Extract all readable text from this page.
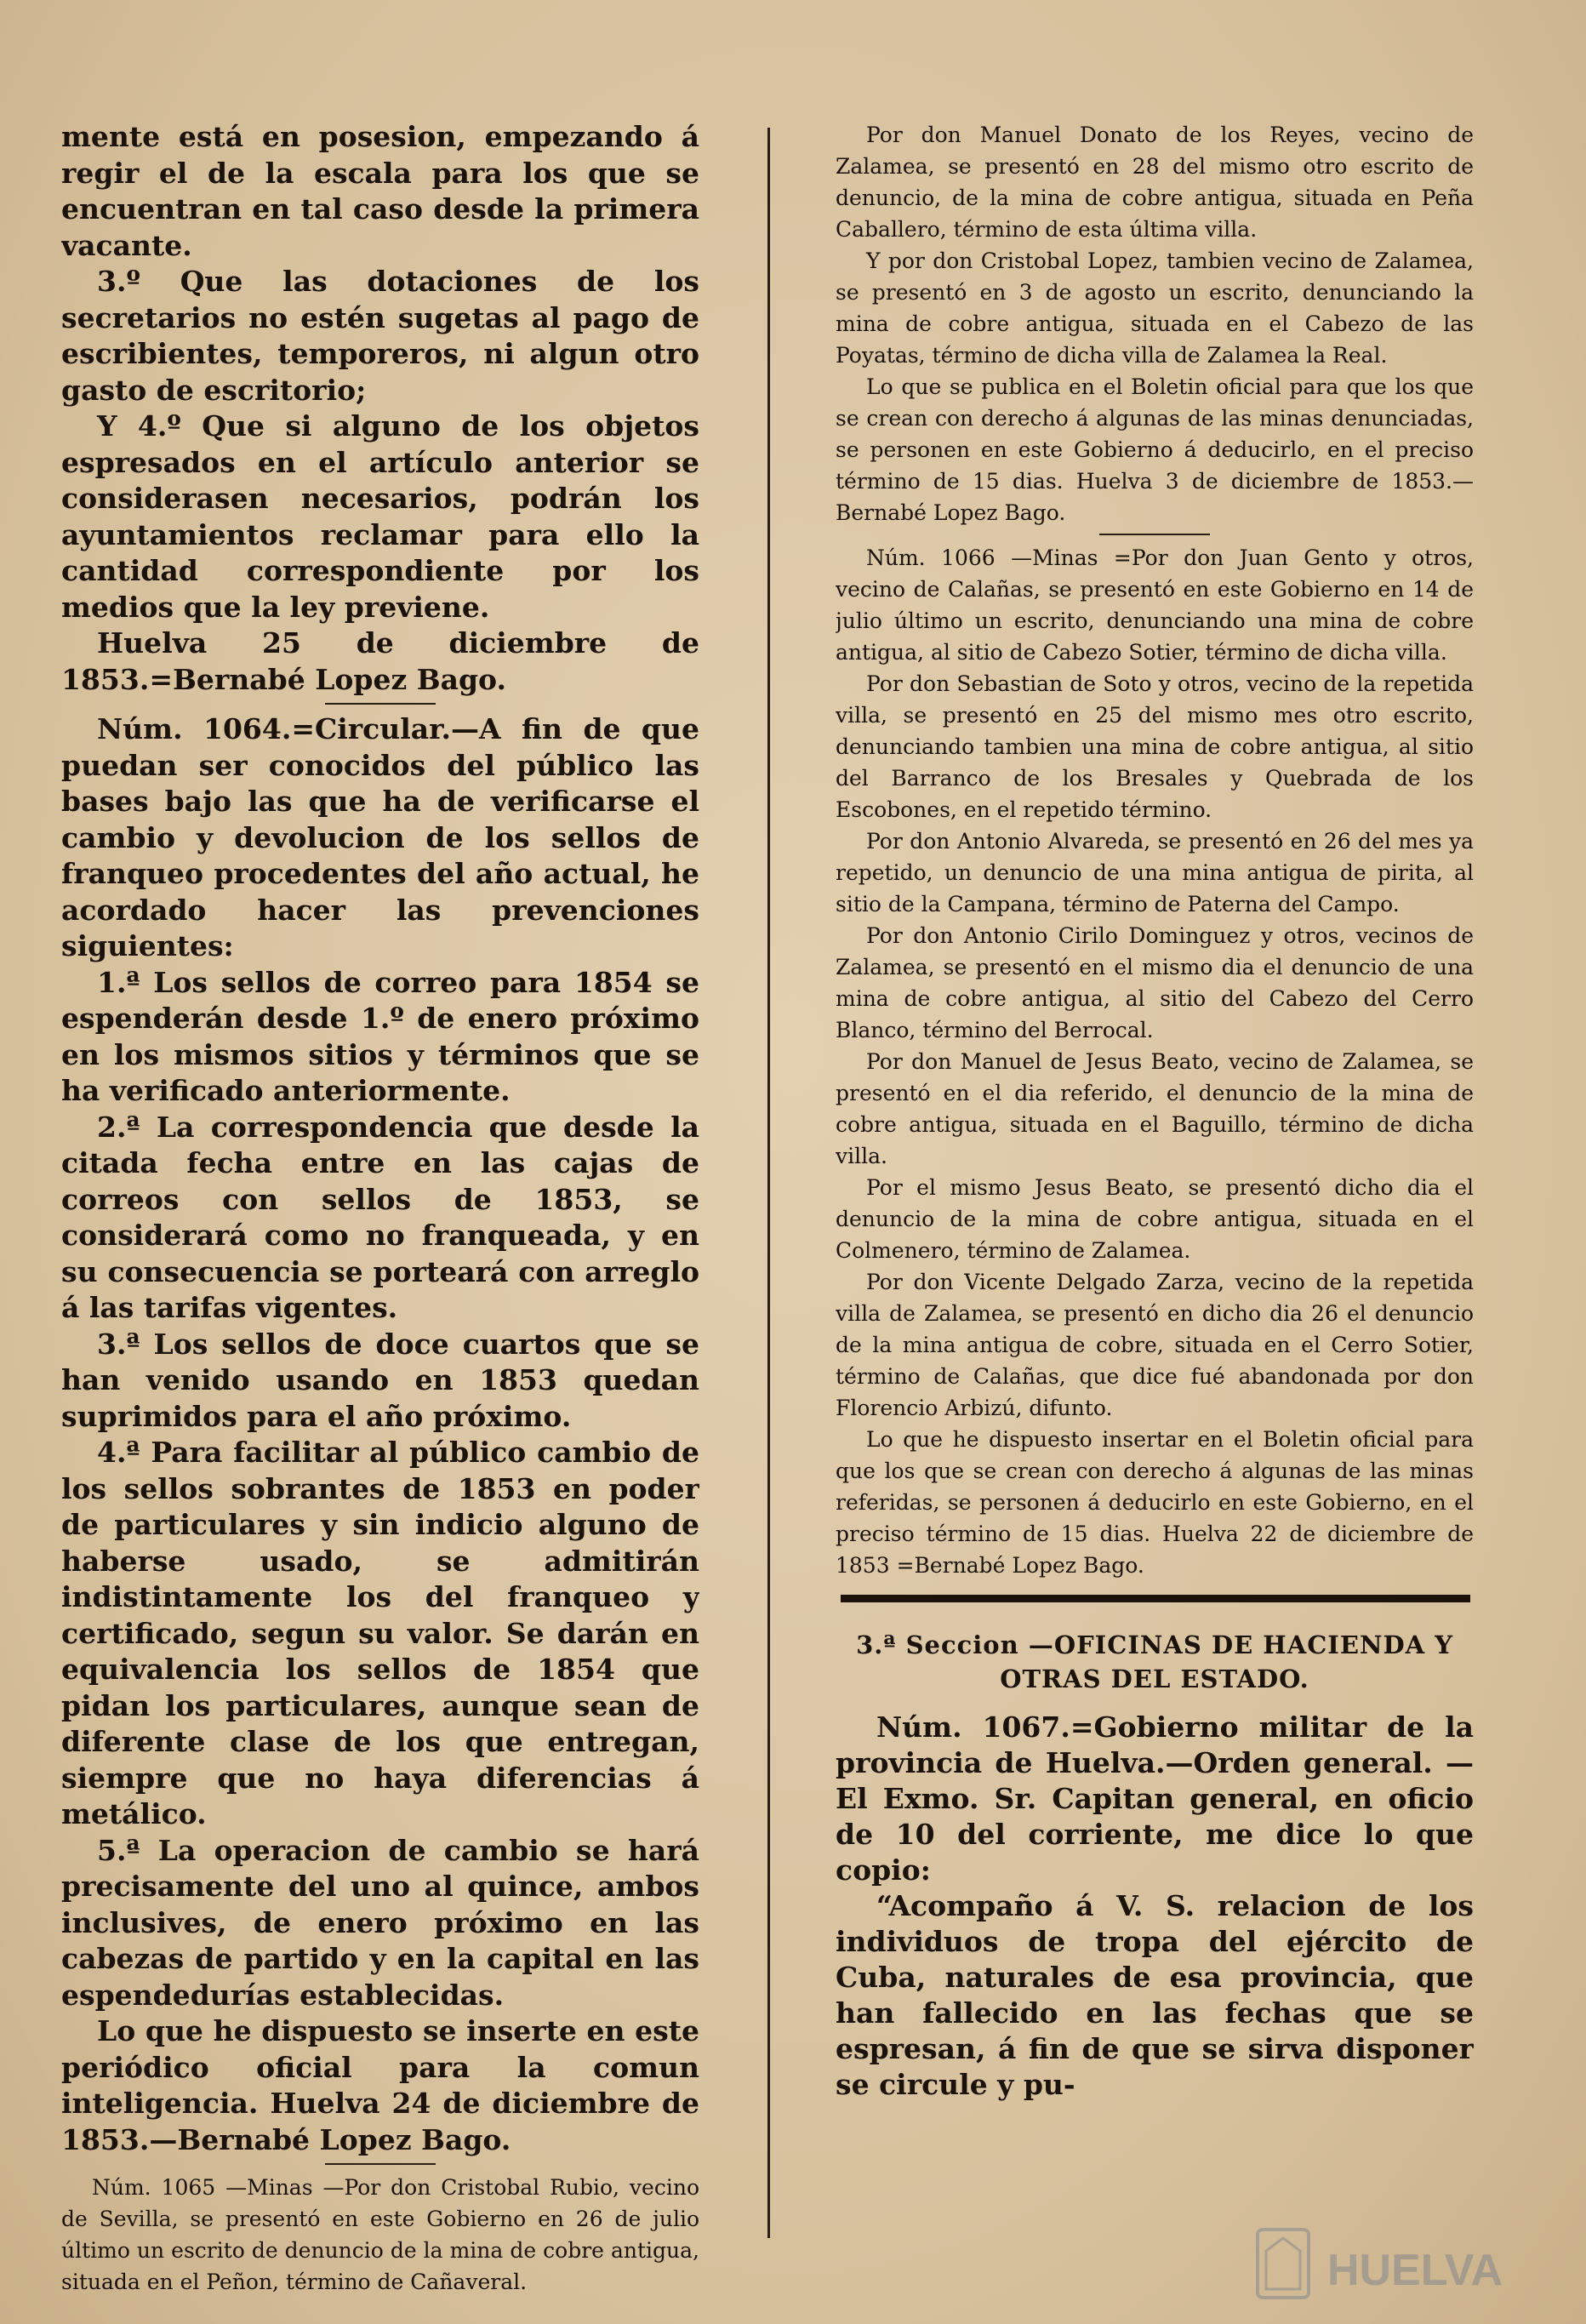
mente está en posesion, empezando á regir el de la escala para los que se encuentran en tal caso desde la primera vacante.

3.º Que las dotaciones de los secretarios no estén sugetas al pago de escribientes, temporeros, ni algun otro gasto de escritorio;

Y 4.º Que si alguno de los objetos espresados en el artículo anterior se considerasen necesarios, podrán los ayuntamientos reclamar para ello la cantidad correspondiente por los medios que la ley previene.

Huelva 25 de diciembre de 1853.=Bernabé Lopez Bago.

Núm. 1064.=Circular.—A fin de que puedan ser conocidos del público las bases bajo las que ha de verificarse el cambio y devolucion de los sellos de franqueo procedentes del año actual, he acordado hacer las prevenciones siguientes:

1.ª Los sellos de correo para 1854 se espenderán desde 1.º de enero próximo en los mismos sitios y términos que se ha verificado anteriormente.

2.ª La correspondencia que desde la citada fecha entre en las cajas de correos con sellos de 1853, se considerará como no franqueada, y en su consecuencia se porteará con arreglo á las tarifas vigentes.

3.ª Los sellos de doce cuartos que se han venido usando en 1853 quedan suprimidos para el año próximo.

4.ª Para facilitar al público cambio de los sellos sobrantes de 1853 en poder de particulares y sin indicio alguno de haberse usado, se admitirán indistintamente los del franqueo y certificado, segun su valor. Se darán en equivalencia los sellos de 1854 que pidan los particulares, aunque sean de diferente clase de los que entregan, siempre que no haya diferencias á metálico.

5.ª La operacion de cambio se hará precisamente del uno al quince, ambos inclusives, de enero próximo en las cabezas de partido y en la capital en las espendedurías establecidas.

Lo que he dispuesto se inserte en este periódico oficial para la comun inteligencia. Huelva 24 de diciembre de 1853.—Bernabé Lopez Bago.

Núm. 1065 —Minas —Por don Cristobal Rubio, vecino de Sevilla, se presentó en este Gobierno en 26 de julio último un escrito de denuncio de la mina de cobre antigua, situada en el Peñon, término de Cañaveral.

Por don Manuel Donato de los Reyes, vecino de Zalamea, se presentó en 28 del mismo otro escrito de denuncio, de la mina de cobre antigua, situada en Peña Caballero, término de esta última villa.

Y por don Cristobal Lopez, tambien vecino de Zalamea, se presentó en 3 de agosto un escrito, denunciando la mina de cobre antigua, situada en el Cabezo de las Poyatas, término de dicha villa de Zalamea la Real.

Lo que se publica en el Boletin oficial para que los que se crean con derecho á algunas de las minas denunciadas, se personen en este Gobierno á deducirlo, en el preciso término de 15 dias. Huelva 3 de diciembre de 1853.—Bernabé Lopez Bago.

Núm. 1066 —Minas =Por don Juan Gento y otros, vecino de Calañas, se presentó en este Gobierno en 14 de julio último un escrito, denunciando una mina de cobre antigua, al sitio de Cabezo Sotier, término de dicha villa.

Por don Sebastian de Soto y otros, vecino de la repetida villa, se presentó en 25 del mismo mes otro escrito, denunciando tambien una mina de cobre antigua, al sitio del Barranco de los Bresales y Quebrada de los Escobones, en el repetido término.

Por don Antonio Alvareda, se presentó en 26 del mes ya repetido, un denuncio de una mina antigua de pirita, al sitio de la Campana, término de Paterna del Campo.

Por don Antonio Cirilo Dominguez y otros, vecinos de Zalamea, se presentó en el mismo dia el denuncio de una mina de cobre antigua, al sitio del Cabezo del Cerro Blanco, término del Berrocal.

Por don Manuel de Jesus Beato, vecino de Zalamea, se presentó en el dia referido, el denuncio de la mina de cobre antigua, situada en el Baguillo, término de dicha villa.

Por el mismo Jesus Beato, se presentó dicho dia el denuncio de la mina de cobre antigua, situada en el Colmenero, término de Zalamea.

Por don Vicente Delgado Zarza, vecino de la repetida villa de Zalamea, se presentó en dicho dia 26 el denuncio de la mina antigua de cobre, situada en el Cerro Sotier, término de Calañas, que dice fué abandonada por don Florencio Arbizú, difunto.

Lo que he dispuesto insertar en el Boletin oficial para que los que se crean con derecho á algunas de las minas referidas, se personen á deducirlo en este Gobierno, en el preciso término de 15 dias. Huelva 22 de diciembre de 1853 =Bernabé Lopez Bago.

3.ª Seccion —OFICINAS DE HACIENDA Y OTRAS DEL ESTADO.

Núm. 1067.=Gobierno militar de la provincia de Huelva.—Orden general. —El Exmo. Sr. Capitan general, en oficio de 10 del corriente, me dice lo que copio:

“Acompaño á V. S. relacion de los individuos de tropa del ejército de Cuba, naturales de esa provincia, que han fallecido en las fechas que se espresan, á fin de que se sirva disponer se circule y pu-

HUELVA
